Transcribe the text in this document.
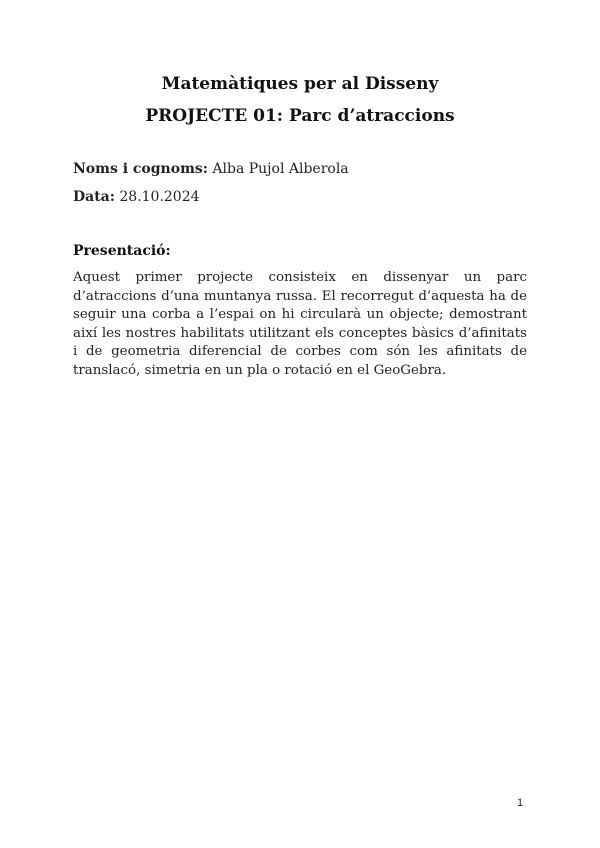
Matemàtiques per al Disseny
PROJECTE 01: Parc d’atraccions
Noms i cognoms: Alba Pujol Alberola
Data: 28.10.2024
Presentació:
Aquest primer projecte consisteix en dissenyar un parc d’atraccions d’una muntanya russa. El recorregut d’aquesta ha de seguir una corba a l’espai on hi circularà un objecte; demostrant així les nostres habilitats utilitzant els conceptes bàsics d’afinitats i de geometria diferencial de corbes com són les afinitats de translacó, simetria en un pla o rotació en el GeoGebra.
1
